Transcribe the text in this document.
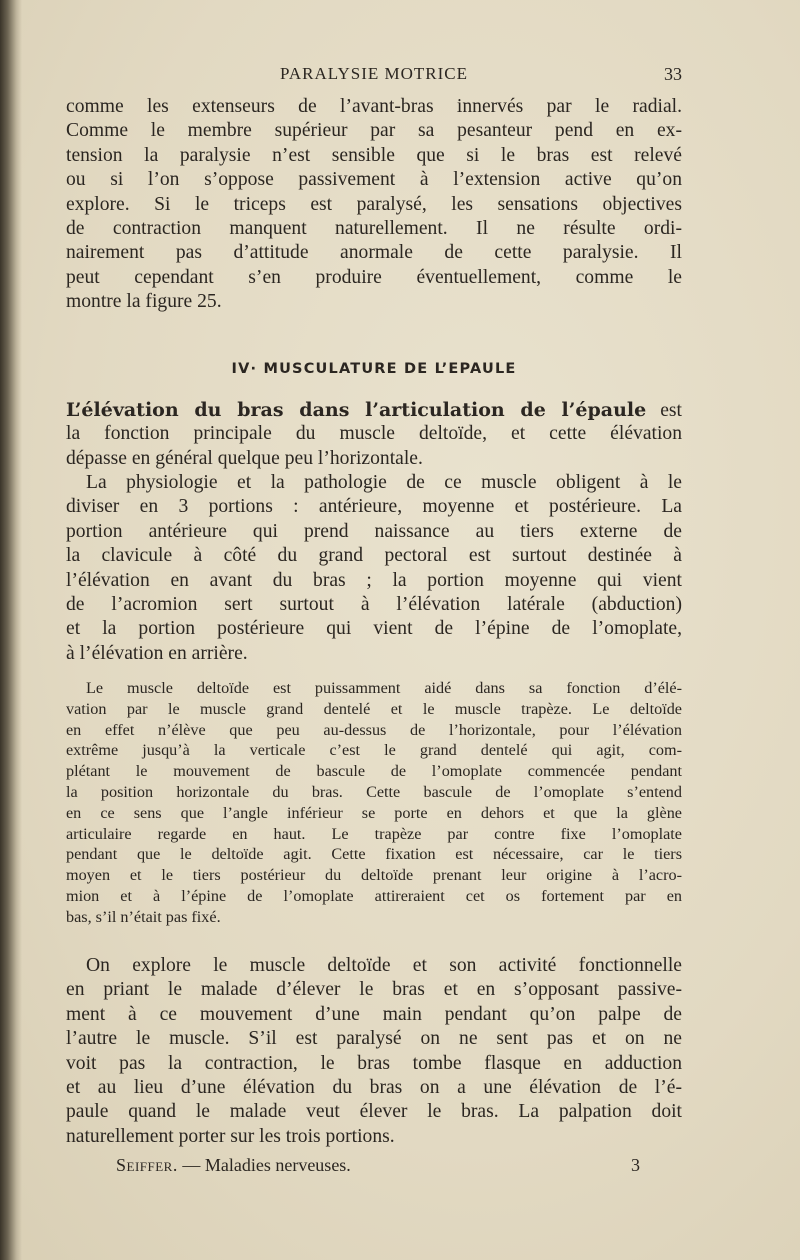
PARALYSIE MOTRICE	33
comme les extenseurs de l’avant-bras innervés par le radial.
Comme le membre supérieur par sa pesanteur pend en ex-
tension la paralysie n’est sensible que si le bras est relevé
ou si l’on s’oppose passivement à l’extension active qu’on
explore. Si le triceps est paralysé, les sensations objectives
de contraction manquent naturellement. Il ne résulte ordi-
nairement pas d’attitude anormale de cette paralysie. Il
peut cependant s’en produire éventuellement, comme le
montre la figure 25.
IV· MUSCULATURE DE L’EPAULE
L’élévation du bras dans l’articulation de l’épaule est
la fonction principale du muscle deltoïde, et cette élévation
dépasse en général quelque peu l’horizontale.
La physiologie et la pathologie de ce muscle obligent à le
diviser en 3 portions : antérieure, moyenne et postérieure. La
portion antérieure qui prend naissance au tiers externe de
la clavicule à côté du grand pectoral est surtout destinée à
l’élévation en avant du bras ; la portion moyenne qui vient
de l’acromion sert surtout à l’élévation latérale (abduction)
et la portion postérieure qui vient de l’épine de l’omoplate,
à l’élévation en arrière.
Le muscle deltoïde est puissamment aidé dans sa fonction d’élé-
vation par le muscle grand dentelé et le muscle trapèze. Le deltoïde
en effet n’élève que peu au-dessus de l’horizontale, pour l’élévation
extrême jusqu’à la verticale c’est le grand dentelé qui agit, com-
plétant le mouvement de bascule de l’omoplate commencée pendant
la position horizontale du bras. Cette bascule de l’omoplate s’entend
en ce sens que l’angle inférieur se porte en dehors et que la glène
articulaire regarde en haut. Le trapèze par contre fixe l’omoplate
pendant que le deltoïde agit. Cette fixation est nécessaire, car le tiers
moyen et le tiers postérieur du deltoïde prenant leur origine à l’acro-
mion et à l’épine de l’omoplate attireraient cet os fortement par en
bas, s’il n’était pas fixé.
On explore le muscle deltoïde et son activité fonctionnelle
en priant le malade d’élever le bras et en s’opposant passive-
ment à ce mouvement d’une main pendant qu’on palpe de
l’autre le muscle. S’il est paralysé on ne sent pas et on ne
voit pas la contraction, le bras tombe flasque en adduction
et au lieu d’une élévation du bras on a une élévation de l’é-
paule quand le malade veut élever le bras. La palpation doit
naturellement porter sur les trois portions.
Seiffer. — Maladies nerveuses.	3
